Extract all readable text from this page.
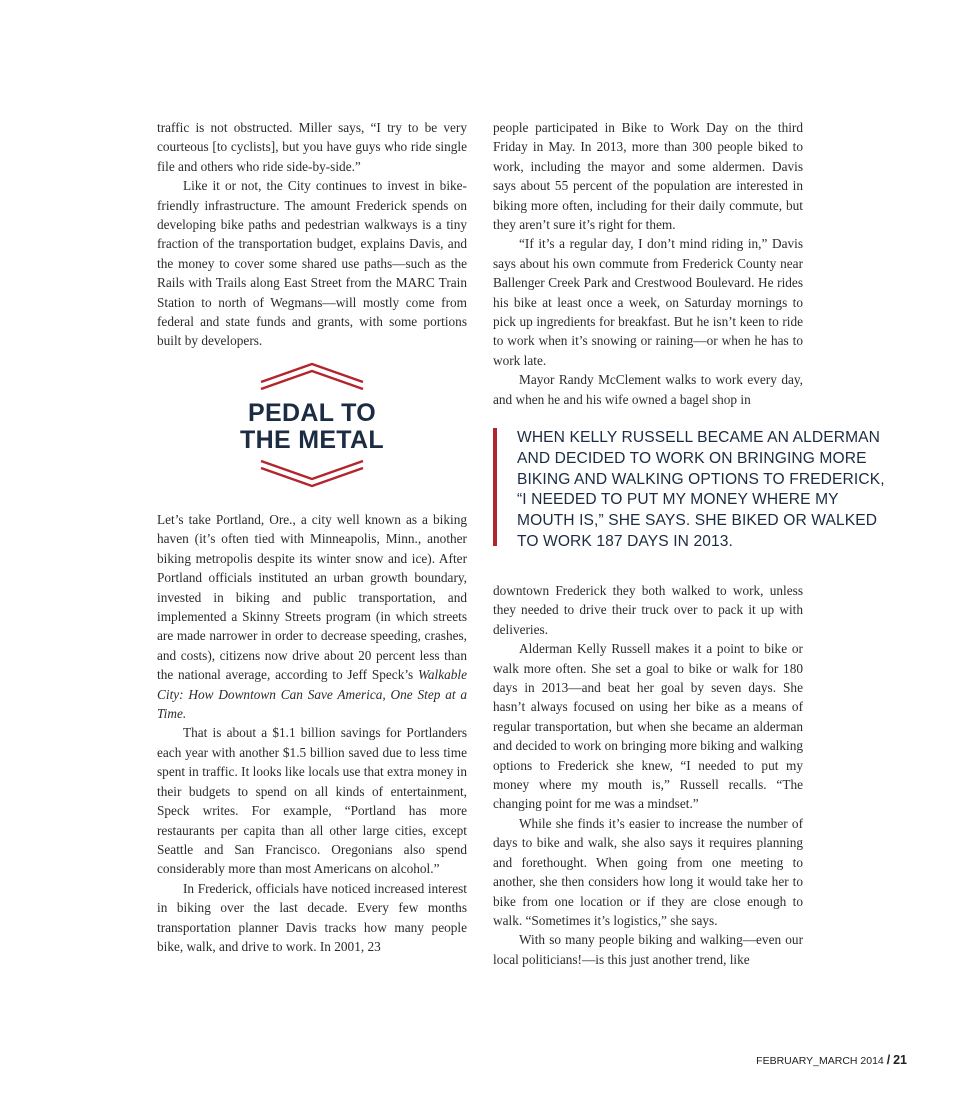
traffic is not obstructed. Miller says, “I try to be very courteous [to cyclists], but you have guys who ride single file and others who ride side-by-side.”

Like it or not, the City continues to invest in bike-friendly infrastructure. The amount Frederick spends on developing bike paths and pedestrian walkways is a tiny fraction of the transportation budget, explains Davis, and the money to cover some shared use paths—such as the Rails with Trails along East Street from the MARC Train Station to north of Wegmans—will mostly come from federal and state funds and grants, with some portions built by developers.

PEDAL TO
THE METAL

Let’s take Portland, Ore., a city well known as a biking haven (it’s often tied with Minneapolis, Minn., another biking metropolis despite its winter snow and ice). After Portland officials instituted an urban growth boundary, invested in biking and public transportation, and implemented a Skinny Streets program (in which streets are made narrower in order to decrease speeding, crashes, and costs), citizens now drive about 20 percent less than the national average, according to Jeff Speck’s Walkable City: How Downtown Can Save America, One Step at a Time.

That is about a $1.1 billion savings for Portlanders each year with another $1.5 billion saved due to less time spent in traffic. It looks like locals use that extra money in their budgets to spend on all kinds of entertainment, Speck writes. For example, “Portland has more restaurants per capita than all other large cities, except Seattle and San Francisco. Oregonians also spend considerably more than most Americans on alcohol.”

In Frederick, officials have noticed increased interest in biking over the last decade. Every few months transportation planner Davis tracks how many people bike, walk, and drive to work. In 2001, 23

people participated in Bike to Work Day on the third Friday in May. In 2013, more than 300 people biked to work, including the mayor and some aldermen. Davis says about 55 percent of the population are interested in biking more often, including for their daily commute, but they aren’t sure it’s right for them.

“If it’s a regular day, I don’t mind riding in,” Davis says about his own commute from Frederick County near Ballenger Creek Park and Crestwood Boulevard. He rides his bike at least once a week, on Saturday mornings to pick up ingredients for breakfast. But he isn’t keen to ride to work when it’s snowing or raining—or when he has to work late.

Mayor Randy McClement walks to work every day, and when he and his wife owned a bagel shop in

WHEN KELLY RUSSELL BECAME AN ALDERMAN
AND DECIDED TO WORK ON BRINGING MORE
BIKING AND WALKING OPTIONS TO FREDERICK,
“I NEEDED TO PUT MY MONEY WHERE MY
MOUTH IS,” SHE SAYS. SHE BIKED OR WALKED
TO WORK 187 DAYS IN 2013.

downtown Frederick they both walked to work, unless they needed to drive their truck over to pack it up with deliveries.

Alderman Kelly Russell makes it a point to bike or walk more often. She set a goal to bike or walk for 180 days in 2013—and beat her goal by seven days. She hasn’t always focused on using her bike as a means of regular transportation, but when she became an alderman and decided to work on bringing more biking and walking options to Frederick she knew, “I needed to put my money where my mouth is,” Russell recalls. “The changing point for me was a mindset.”

While she finds it’s easier to increase the number of days to bike and walk, she also says it requires planning and forethought. When going from one meeting to another, she then considers how long it would take her to bike from one location or if they are close enough to walk. “Sometimes it’s logistics,” she says.

With so many people biking and walking—even our local politicians!—is this just another trend, like

FEBRUARY_MARCH 2014 / 21
